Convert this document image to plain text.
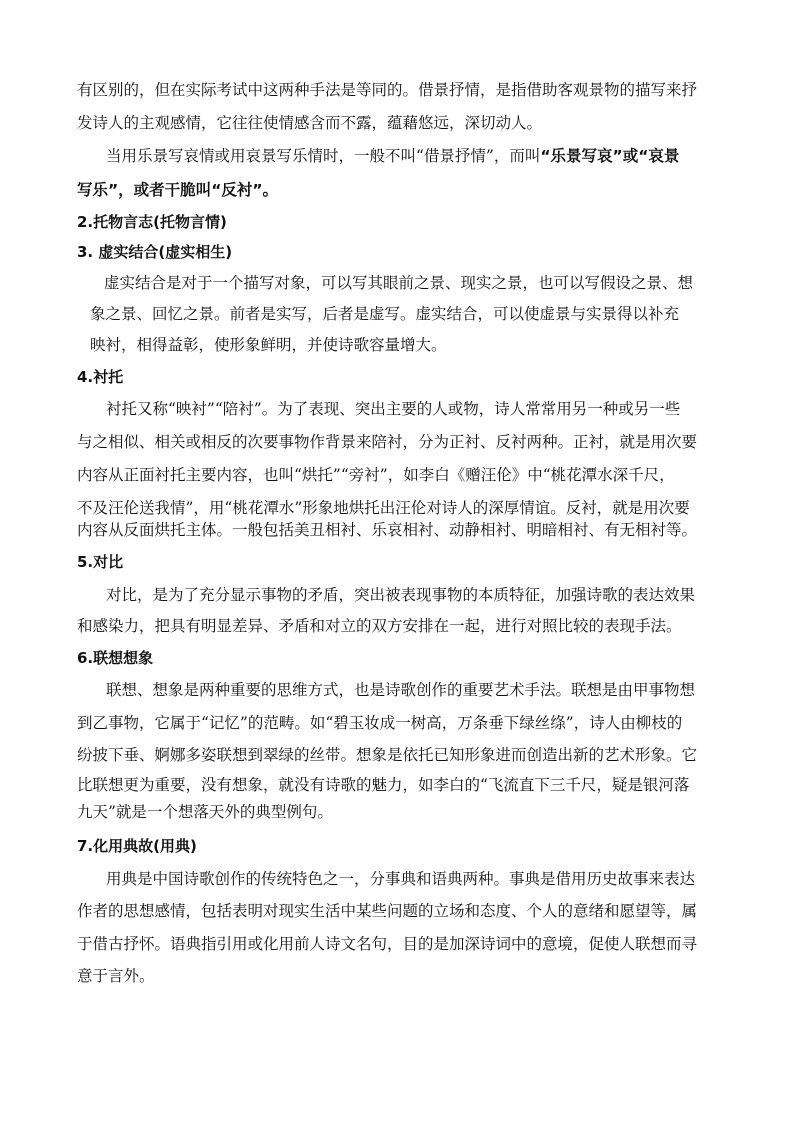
有区别的，但在实际考试中这两种手法是等同的。借景抒情，是指借助客观景物的描写来抒
发诗人的主观感情，它往往使情感含而不露，蕴藉悠远，深切动人。
当用乐景写哀情或用哀景写乐情时，一般不叫“借景抒情”，而叫“乐景写哀”或“哀景
写乐”，或者干脆叫“反衬”。
2.托物言志(托物言情)
3. 虚实结合(虚实相生)
虚实结合是对于一个描写对象，可以写其眼前之景、现实之景，也可以写假设之景、想
象之景、回忆之景。前者是实写，后者是虚写。虚实结合，可以使虚景与实景得以补充
映衬，相得益彰，使形象鲜明，并使诗歌容量增大。
4.衬托
衬托又称“映衬”“陪衬”。为了表现、突出主要的人或物，诗人常常用另一种或另一些
与之相似、相关或相反的次要事物作背景来陪衬，分为正衬、反衬两种。正衬，就是用次要
内容从正面衬托主要内容，也叫“烘托”“旁衬”，如李白《赠汪伦》中“桃花潭水深千尺，
不及汪伦送我情”，用“桃花潭水”形象地烘托出汪伦对诗人的深厚情谊。反衬，就是用次要
内容从反面烘托主体。一般包括美丑相衬、乐哀相衬、动静相衬、明暗相衬、有无相衬等。
5.对比
对比，是为了充分显示事物的矛盾，突出被表现事物的本质特征，加强诗歌的表达效果
和感染力，把具有明显差异、矛盾和对立的双方安排在一起，进行对照比较的表现手法。
6.联想想象
联想、想象是两种重要的思维方式，也是诗歌创作的重要艺术手法。联想是由甲事物想
到乙事物，它属于“记忆”的范畴。如“碧玉妆成一树高，万条垂下绿丝绦”，诗人由柳枝的
纷披下垂、婀娜多姿联想到翠绿的丝带。想象是依托已知形象进而创造出新的艺术形象。它
比联想更为重要，没有想象，就没有诗歌的魅力，如李白的“飞流直下三千尺，疑是银河落
九天”就是一个想落天外的典型例句。
7.化用典故(用典)
用典是中国诗歌创作的传统特色之一，分事典和语典两种。事典是借用历史故事来表达
作者的思想感情，包括表明对现实生活中某些问题的立场和态度、个人的意绪和愿望等，属
于借古抒怀。语典指引用或化用前人诗文名句，目的是加深诗词中的意境，促使人联想而寻
意于言外。
